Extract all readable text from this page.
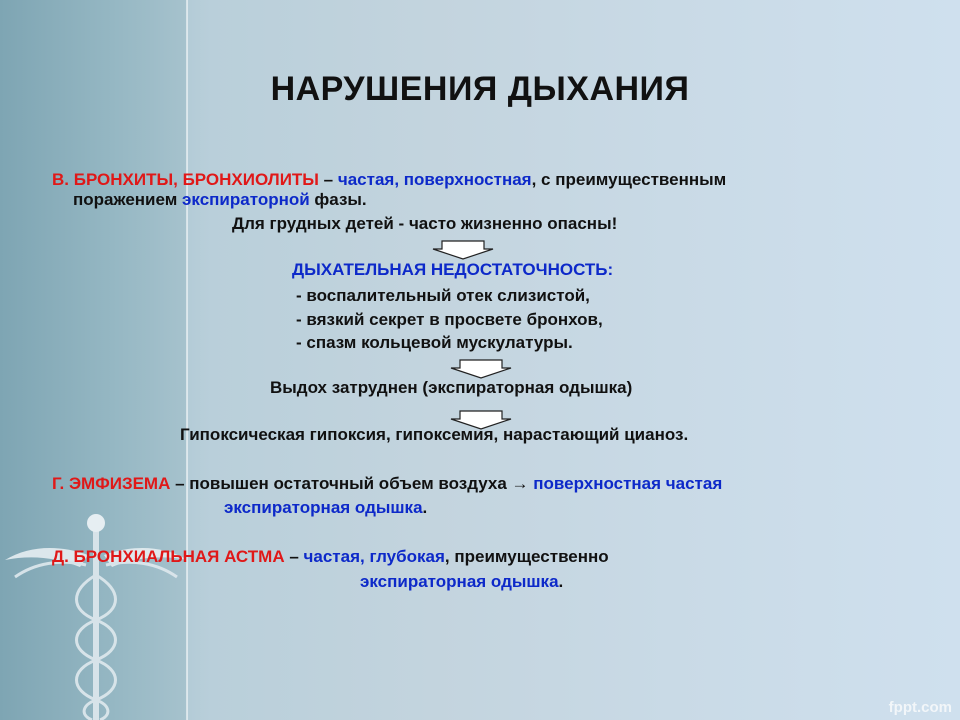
НАРУШЕНИЯ ДЫХАНИЯ
В. БРОНХИТЫ, БРОНХИОЛИТЫ – частая, поверхностная, с преимущественным
поражением экспираторной фазы.
Для грудных детей - часто жизненно опасны!
ДЫХАТЕЛЬНАЯ НЕДОСТАТОЧНОСТЬ:
- воспалительный отек слизистой,
- вязкий секрет в просвете бронхов,
- спазм кольцевой мускулатуры.
Выдох затруднен (экспираторная одышка)
Гипоксическая гипоксия, гипоксемия, нарастающий цианоз.
Г. ЭМФИЗЕМА – повышен остаточный объем воздуха → поверхностная частая
экспираторная одышка.
Д. БРОНХИАЛЬНАЯ АСТМА – частая, глубокая, преимущественно
экспираторная одышка.
fppt.com
